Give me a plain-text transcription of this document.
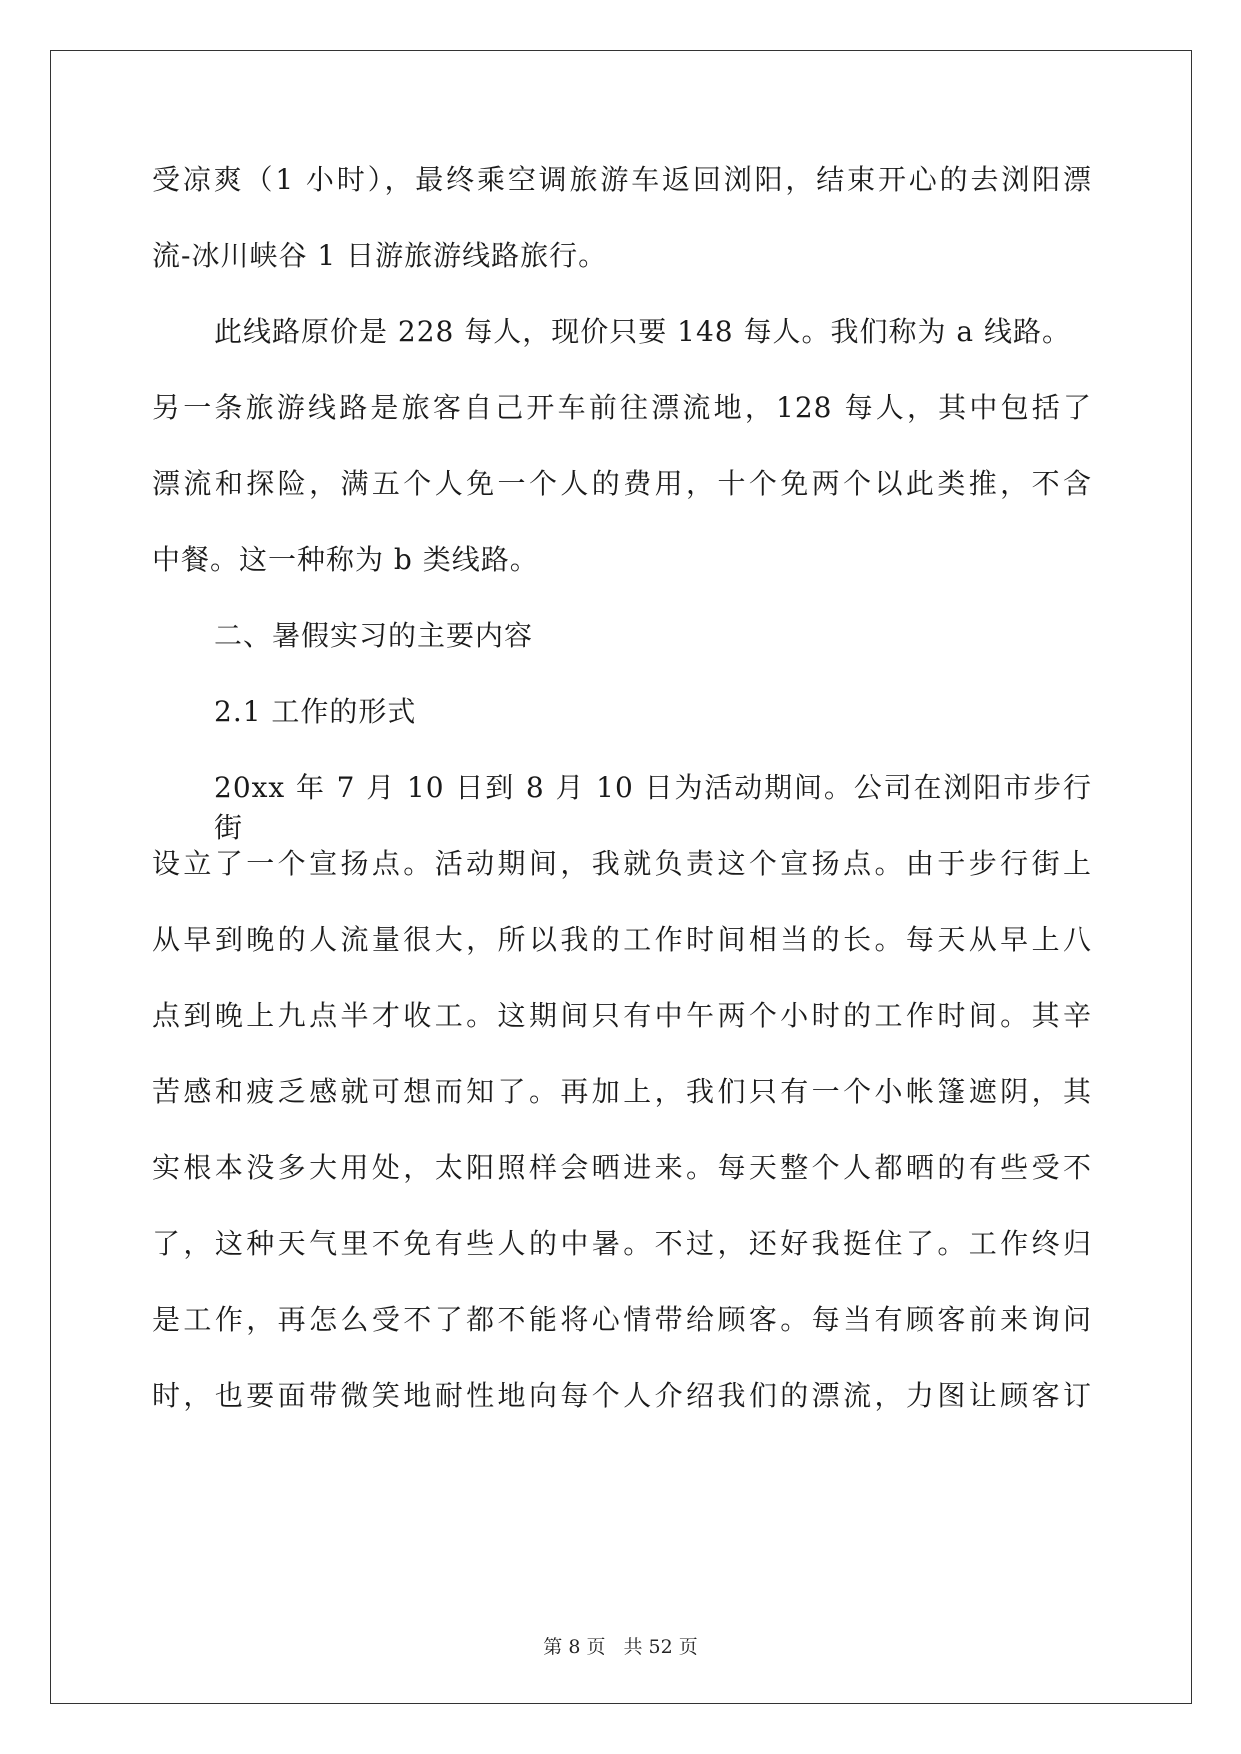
受凉爽（1 小时），最终乘空调旅游车返回浏阳，结束开心的去浏阳漂
流-冰川峡谷 1 日游旅游线路旅行。
此线路原价是 228 每人，现价只要 148 每人。我们称为 a 线路。
另一条旅游线路是旅客自己开车前往漂流地，128 每人，其中包括了
漂流和探险，满五个人免一个人的费用，十个免两个以此类推，不含
中餐。这一种称为 b 类线路。
二、暑假实习的主要内容
2.1 工作的形式
20xx 年 7 月 10 日到 8 月 10 日为活动期间。公司在浏阳市步行街
设立了一个宣扬点。活动期间，我就负责这个宣扬点。由于步行街上
从早到晚的人流量很大，所以我的工作时间相当的长。每天从早上八
点到晚上九点半才收工。这期间只有中午两个小时的工作时间。其辛
苦感和疲乏感就可想而知了。再加上，我们只有一个小帐篷遮阴，其
实根本没多大用处，太阳照样会晒进来。每天整个人都晒的有些受不
了，这种天气里不免有些人的中暑。不过，还好我挺住了。工作终归
是工作，再怎么受不了都不能将心情带给顾客。每当有顾客前来询问
时，也要面带微笑地耐性地向每个人介绍我们的漂流，力图让顾客订
第 8 页 共 52 页
